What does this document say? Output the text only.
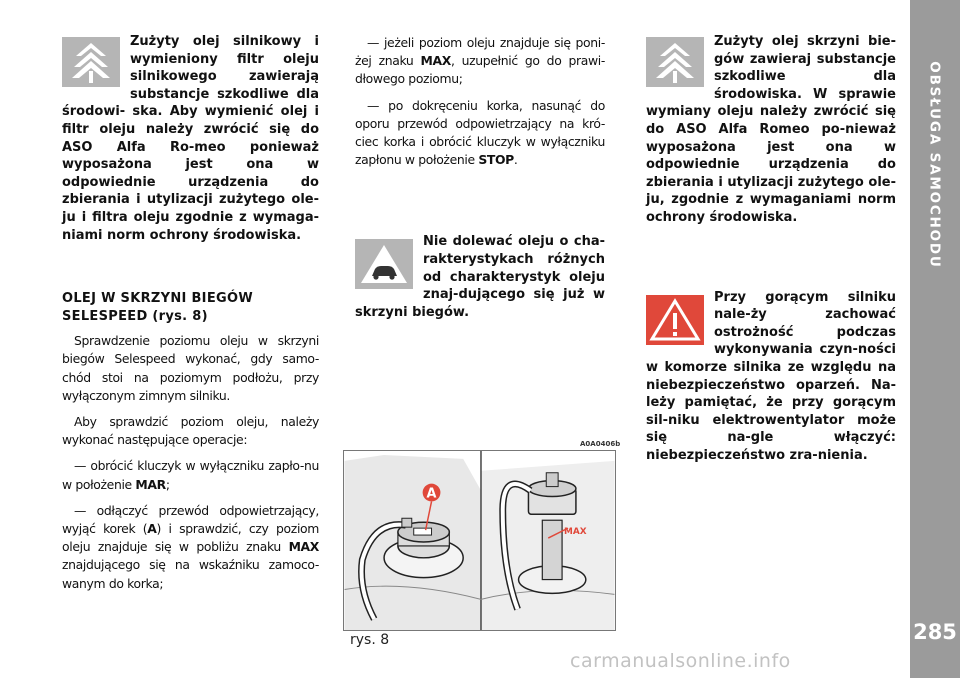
OBSŁUGA SAMOCHODU
285
Zużyty olej silnikowy i wymieniony filtr oleju silnikowego zawierają substancje szkodliwe dla środowi- ska. Aby wymienić olej i filtr oleju należy zwrócić się do ASO Alfa Ro-meo ponieważ wyposażona jest ona w odpowiednie urządzenia do zbierania i utylizacji zużytego ole-ju i filtra oleju zgodnie z wymaga-niami norm ochrony środowiska.
OLEJ W SKRZYNI BIEGÓW SELESPEED (rys. 8)

Sprawdzenie poziomu oleju w skrzyni biegów Selespeed wykonać, gdy samo-chód stoi na poziomym podłożu, przy wyłączonym zimnym silniku.

Aby sprawdzić poziom oleju, należy wykonać następujące operacje:

— obrócić kluczyk w wyłączniku zapło-nu w położenie MAR;
— odłączyć przewód odpowietrzający, wyjąć korek (A) i sprawdzić, czy poziom oleju znajduje się w pobliżu znaku MAX znajdującego się na wskaźniku zamoco-wanym do korka;
— jeżeli poziom oleju znajduje się poni-żej znaku MAX, uzupełnić go do prawi-dłowego poziomu;
— po dokręceniu korka, nasunąć do oporu przewód odpowietrzający na kró-ciec korka i obrócić kluczyk w wyłączniku zapłonu w położenie STOP.
Nie dolewać oleju o cha-rakterystykach różnych od charakterystyk oleju znaj-dującego się już w skrzyni biegów.
A0A0406b
A
MAX
rys. 8
Zużyty olej skrzyni bie-gów zawieraj substancje szkodliwe dla środowiska. W sprawie wymiany oleju należy zwrócić się do ASO Alfa Romeo po-nieważ wyposażona jest ona w odpowiednie urządzenia do zbierania i utylizacji zużytego ole-ju, zgodnie z wymaganiami norm ochrony środowiska.
Przy gorącym silniku nale-ży zachować ostrożność podczas wykonywania czyn-ności w komorze silnika ze względu na niebezpieczeństwo oparzeń. Na-leży pamiętać, że przy gorącym sil-niku elektrowentylator może się na-gle włączyć: niebezpieczeństwo zra-nienia.
carmanualsonline.info
